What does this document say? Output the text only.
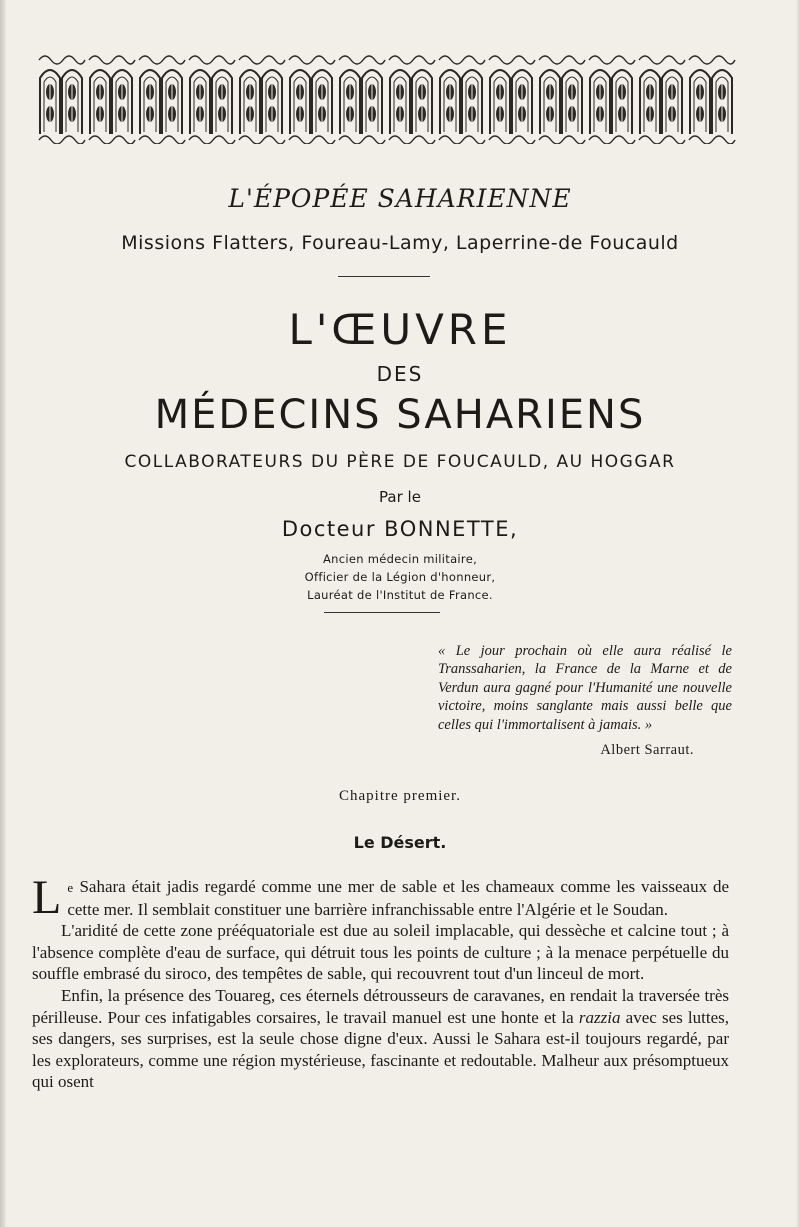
L'ÉPOPÉE SAHARIENNE
Missions Flatters, Foureau-Lamy, Laperrine-de Foucauld
L'ŒUVRE
DES
MÉDECINS SAHARIENS
COLLABORATEURS DU PÈRE DE FOUCAULD, AU HOGGAR
Par le
Docteur BONNETTE,
Ancien médecin militaire,
Officier de la Légion d'honneur,
Lauréat de l'Institut de France.
« Le jour prochain où elle aura réalisé le Transsaharien, la France de la Marne et de Verdun aura gagné pour l'Humanité une nouvelle victoire, moins sanglante mais aussi belle que celles qui l'immortalisent à jamais. »
Albert Sarraut.
Chapitre premier.
Le Désert.

Le Sahara était jadis regardé comme une mer de sable et les chameaux comme les vaisseaux de cette mer. Il semblait constituer une barrière infranchissable entre l'Algérie et le Soudan.

L'aridité de cette zone prééquatoriale est due au soleil implacable, qui dessèche et calcine tout ; à l'absence complète d'eau de surface, qui détruit tous les points de culture ; à la menace perpétuelle du souffle embrasé du siroco, des tempêtes de sable, qui recouvrent tout d'un linceul de mort.

Enfin, la présence des Touareg, ces éternels détrousseurs de caravanes, en rendait la traversée très périlleuse. Pour ces infatigables corsaires, le travail manuel est une honte et la razzia avec ses luttes, ses dangers, ses surprises, est la seule chose digne d'eux. Aussi le Sahara est-il toujours regardé, par les explorateurs, comme une région mystérieuse, fascinante et redoutable. Malheur aux présomptueux qui osent
